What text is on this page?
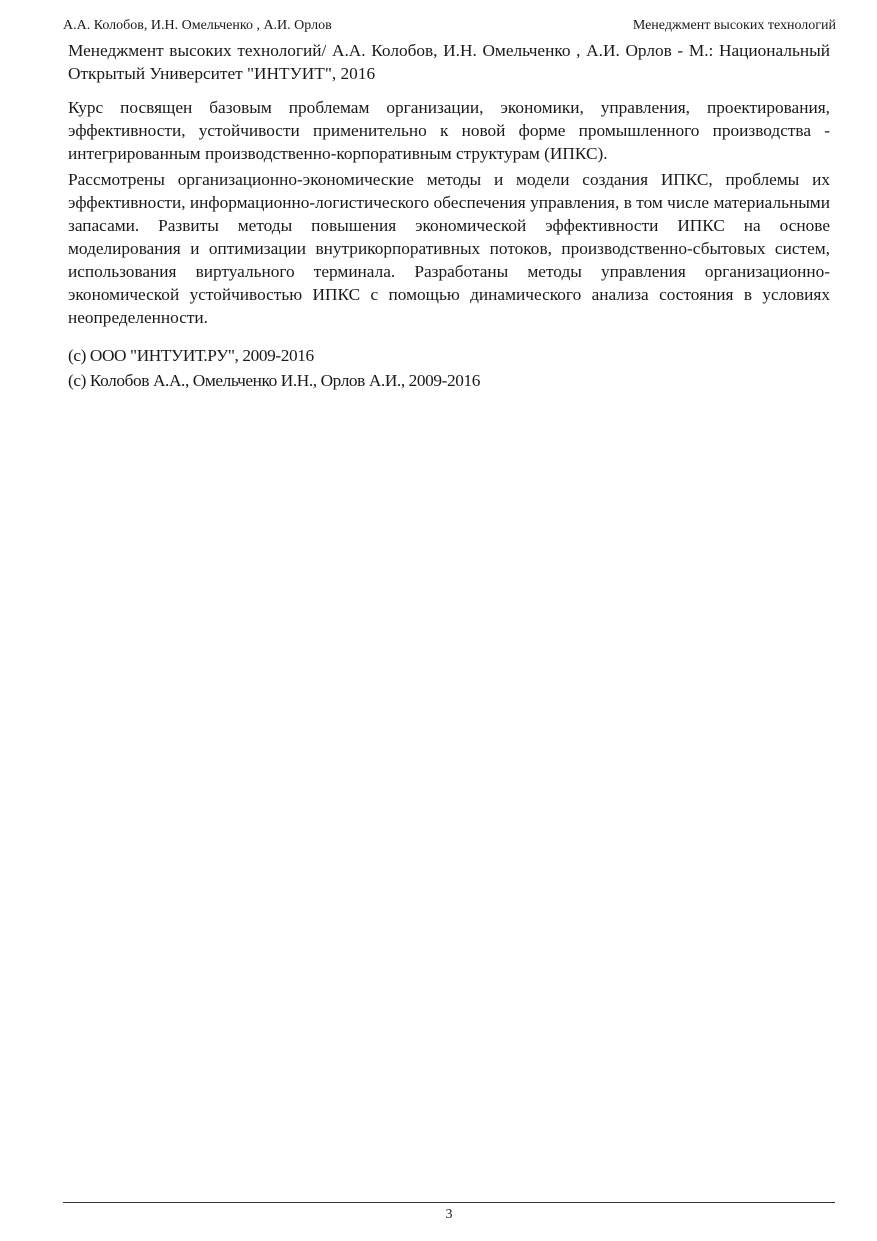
А.А. Колобов, И.Н. Омельченко , А.И. Орлов	Менеджмент высоких технологий

Менеджмент высоких технологий/ А.А. Колобов, И.Н. Омельченко , А.И. Орлов - М.: Национальный Открытый Университет "ИНТУИТ", 2016

Курс посвящен базовым проблемам организации, экономики, управления, проектирования, эффективности, устойчивости применительно к новой форме промышленного производства - интегрированным производственно-корпоративным структурам (ИПКС).

Рассмотрены организационно-экономические методы и модели создания ИПКС, проблемы их эффективности, информационно-логистического обеспечения управления, в том числе материальными запасами. Развиты методы повышения экономической эффективности ИПКС на основе моделирования и оптимизации внутрикорпоративных потоков, производственно-сбытовых систем, использования виртуального терминала. Разработаны методы управления организационно-экономической устойчивостью ИПКС с помощью динамического анализа состояния в условиях неопределенности.

(c) ООО "ИНТУИТ.РУ", 2009-2016
(c) Колобов А.А., Омельченко И.Н., Орлов А.И., 2009-2016
3
